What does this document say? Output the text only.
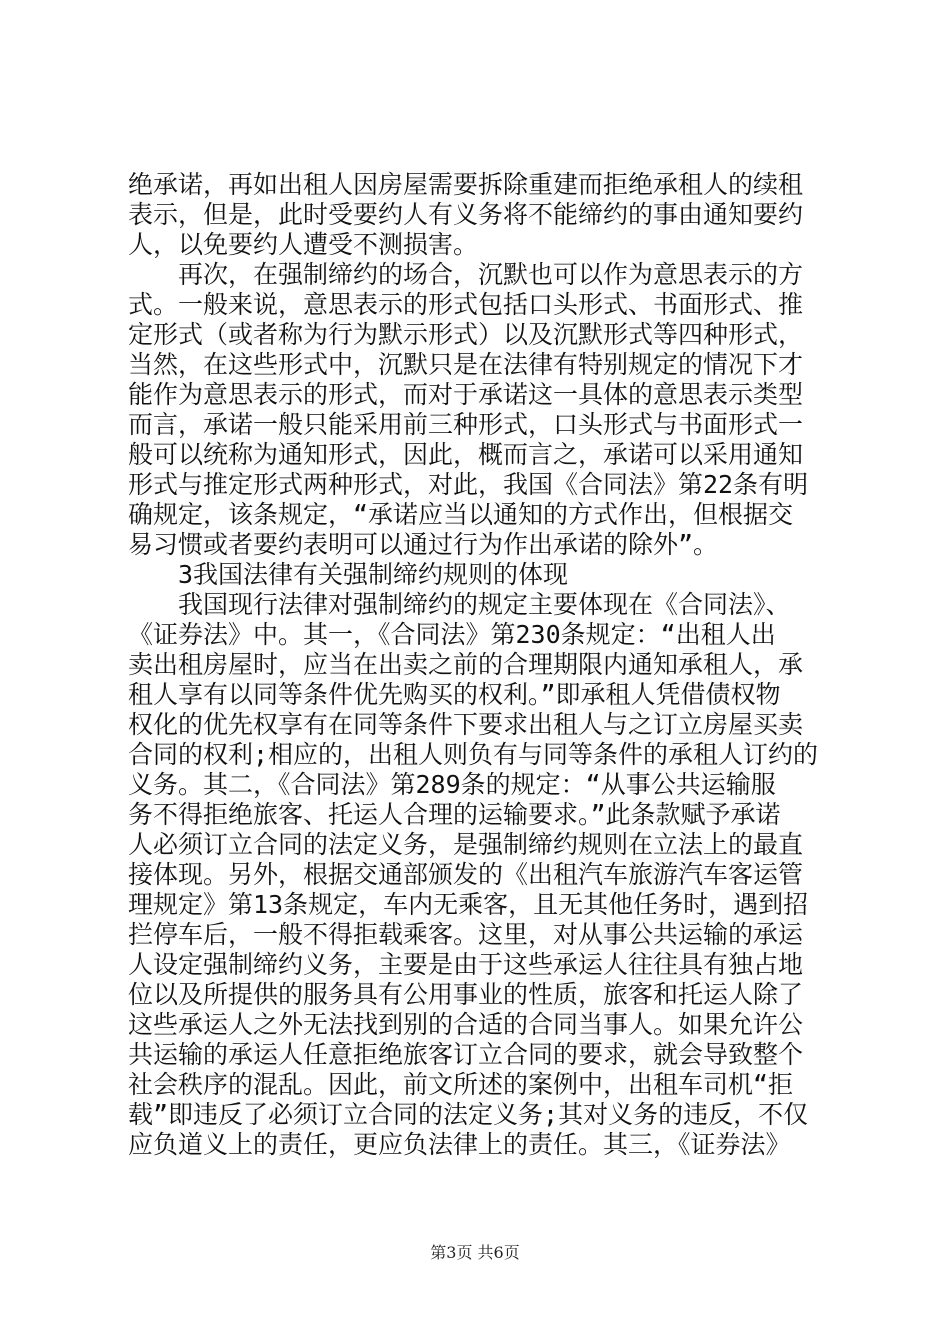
绝承诺，再如出租人因房屋需要拆除重建而拒绝承租人的续租

表示，但是，此时受要约人有义务将不能缔约的事由通知要约

人，以免要约人遭受不测损害。

　　再次，在强制缔约的场合，沉默也可以作为意思表示的方

式。一般来说，意思表示的形式包括口头形式、书面形式、推

定形式（或者称为行为默示形式）以及沉默形式等四种形式，

当然，在这些形式中，沉默只是在法律有特别规定的情况下才

能作为意思表示的形式，而对于承诺这一具体的意思表示类型

而言，承诺一般只能采用前三种形式，口头形式与书面形式一

般可以统称为通知形式，因此，概而言之，承诺可以采用通知

形式与推定形式两种形式，对此，我国《合同法》第22条有明

确规定，该条规定，“承诺应当以通知的方式作出，但根据交

易习惯或者要约表明可以通过行为作出承诺的除外”。

　　3我国法律有关强制缔约规则的体现

　　我国现行法律对强制缔约的规定主要体现在《合同法》、

《证券法》中。其一，《合同法》第230条规定：“出租人出

卖出租房屋时，应当在出卖之前的合理期限内通知承租人，承

租人享有以同等条件优先购买的权利。”即承租人凭借债权物

权化的优先权享有在同等条件下要求出租人与之订立房屋买卖

合同的权利;相应的，出租人则负有与同等条件的承租人订约的

义务。其二，《合同法》第289条的规定：“从事公共运输服

务不得拒绝旅客、托运人合理的运输要求。”此条款赋予承诺

人必须订立合同的法定义务，是强制缔约规则在立法上的最直

接体现。另外，根据交通部颁发的《出租汽车旅游汽车客运管

理规定》第13条规定，车内无乘客，且无其他任务时，遇到招

拦停车后，一般不得拒载乘客。这里，对从事公共运输的承运

人设定强制缔约义务，主要是由于这些承运人往往具有独占地

位以及所提供的服务具有公用事业的性质，旅客和托运人除了

这些承运人之外无法找到别的合适的合同当事人。如果允许公

共运输的承运人任意拒绝旅客订立合同的要求，就会导致整个

社会秩序的混乱。因此，前文所述的案例中，出租车司机“拒

载”即违反了必须订立合同的法定义务;其对义务的违反，不仅

应负道义上的责任，更应负法律上的责任。其三，《证券法》

第3页 共6页
